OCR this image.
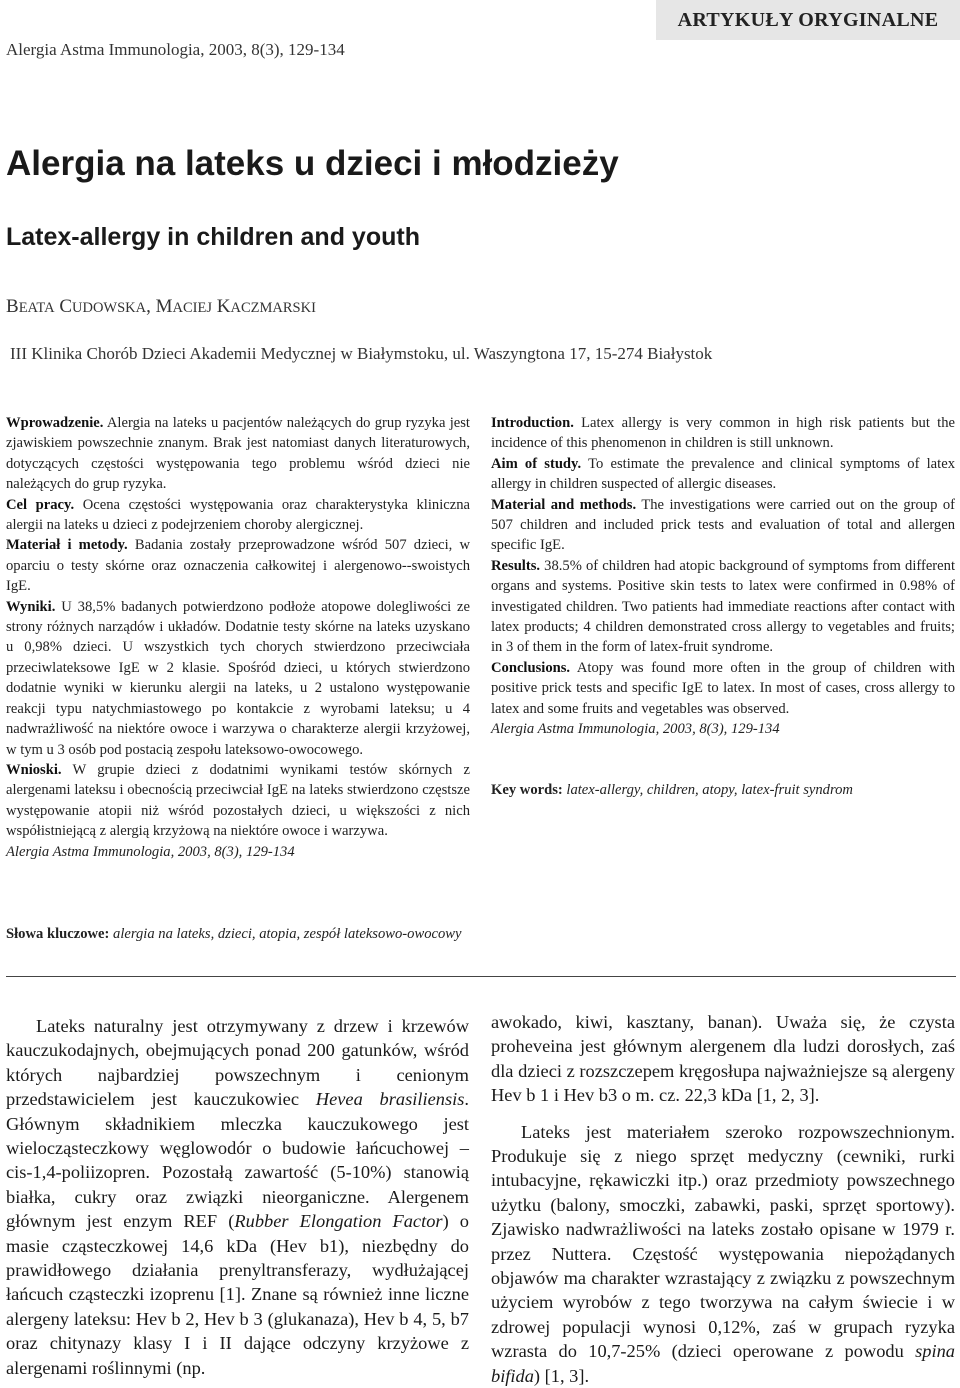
Alergia Astma Immunologia, 2003, 8(3), 129-134
ARTYKUŁY ORYGINALNE
Alergia na lateks u dzieci i młodzieży
Latex-allergy in children and youth
BEATA CUDOWSKA, MACIEJ KACZMARSKI
III Klinika Chorób Dzieci Akademii Medycznej w Białymstoku, ul. Waszyngtona 17, 15-274 Białystok

Wprowadzenie. Alergia na lateks u pacjentów należących do grup ryzyka jest zjawiskiem powszechnie znanym. Brak jest natomiast danych literaturowych, dotyczących częstości występowania tego problemu wśród dzieci nie należących do grup ryzyka.

Cel pracy. Ocena częstości występowania oraz charakterystyka kliniczna alergii na lateks u dzieci z podejrzeniem choroby alergicznej.

Materiał i metody. Badania zostały przeprowadzone wśród 507 dzieci, w oparciu o testy skórne oraz oznaczenia całkowitej i alergenowo--swoistych IgE.

Wyniki. U 38,5% badanych potwierdzono podłoże atopowe dolegliwości ze strony różnych narządów i układów. Dodatnie testy skórne na lateks uzyskano u 0,98% dzieci. U wszystkich tych chorych stwierdzono przeciwciała przeciwlateksowe IgE w 2 klasie. Spośród dzieci, u których stwierdzono dodatnie wyniki w kierunku alergii na lateks, u 2 ustalono występowanie reakcji typu natychmiastowego po kontakcie z wyrobami lateksu; u 4 nadwrażliwość na niektóre owoce i warzywa o charakterze alergii krzyżowej, w tym u 3 osób pod postacią zespołu lateksowo-owocowego.

Wnioski. W grupie dzieci z dodatnimi wynikami testów skórnych z alergenami lateksu i obecnością przeciwciał IgE na lateks stwierdzono częstsze występowanie atopii niż wśród pozostałych dzieci, u większości z nich współistniejącą z alergią krzyżową na niektóre owoce i warzywa.

Alergia Astma Immunologia, 2003, 8(3), 129-134

Słowa kluczowe: alergia na lateks, dzieci, atopia, zespół lateksowo-owocowy

Introduction. Latex allergy is very common in high risk patients but the incidence of this phenomenon in children is still unknown.

Aim of study. To estimate the prevalence and clinical symptoms of latex allergy in children suspected of allergic diseases.

Material and methods. The investigations were carried out on the group of 507 children and included prick tests and evaluation of total and allergen specific IgE.

Results. 38.5% of children had atopic background of symptoms from different organs and systems. Positive skin tests to latex were confirmed in 0.98% of investigated children. Two patients had immediate reactions after contact with latex products; 4 children demonstrated cross allergy to vegetables and fruits; in 3 of them in the form of latex-fruit syndrome.

Conclusions. Atopy was found more often in the group of children with positive prick tests and specific IgE to latex. In most of cases, cross allergy to latex and some fruits and vegetables was observed.

Alergia Astma Immunologia, 2003, 8(3), 129-134

Key words: latex-allergy, children, atopy, latex-fruit syndrom

Lateks naturalny jest otrzymywany z drzew i krzewów kauczukodajnych, obejmujących ponad 200 gatunków, wśród których najbardziej powszechnym i cenionym przedstawicielem jest kauczukowiec Hevea brasiliensis. Głównym składnikiem mleczka kauczukowego jest wielocząsteczkowy węglowodór o budowie łańcuchowej – cis-1,4-poliizopren. Pozostałą zawartość (5-10%) stanowią białka, cukry oraz związki nieorganiczne. Alergenem głównym jest enzym REF (Rubber Elongation Factor) o masie cząsteczkowej 14,6 kDa (Hev b1), niezbędny do prawidłowego działania prenyltransferazy, wydłużającej łańcuch cząsteczki izoprenu [1]. Znane są również inne liczne alergeny lateksu: Hev b 2, Hev b 3 (glukanaza), Hev b 4, 5, b7 oraz chitynazy klasy I i II dające odczyny krzyżowe z alergenami roślinnymi (np.

awokado, kiwi, kasztany, banan). Uważa się, że czysta proheveina jest głównym alergenem dla ludzi dorosłych, zaś dla dzieci z rozszczepem kręgosłupa najważniejsze są alergeny Hev b 1 i Hev b3 o m. cz. 22,3 kDa [1, 2, 3].

Lateks jest materiałem szeroko rozpowszechnionym. Produkuje się z niego sprzęt medyczny (cewniki, rurki intubacyjne, rękawiczki itp.) oraz przedmioty powszechnego użytku (balony, smoczki, zabawki, paski, sprzęt sportowy). Zjawisko nadwrażliwości na lateks zostało opisane w 1979 r. przez Nuttera. Częstość występowania niepożądanych objawów ma charakter wzrastający z związku z powszechnym użyciem wyrobów z tego tworzywa na całym świecie i w zdrowej populacji wynosi 0,12%, zaś w grupach ryzyka wzrasta do 10,7-25% (dzieci operowane z powodu spina bifida) [1, 3].
